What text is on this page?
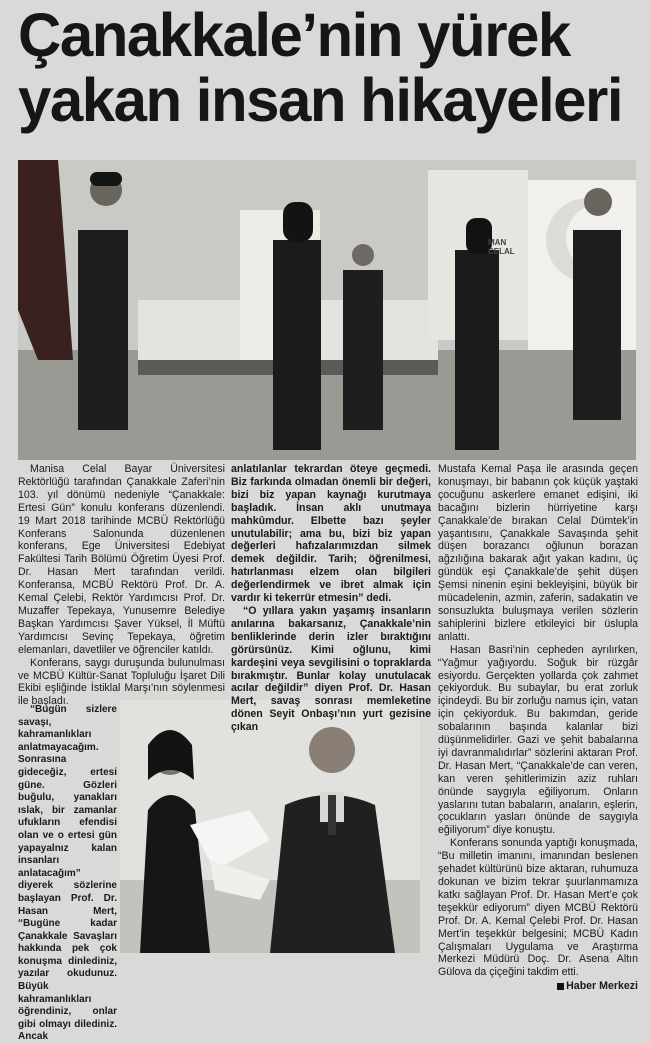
Çanakkale’nin yürek yakan insan hikayeleri
MAN
CELAL

Manisa Celal Bayar Üniversitesi Rektörlüğü tarafından Çanakkale Zaferi’nin 103. yıl dönümü nedeniyle “Çanakkale: Ertesi Gün” konulu konferans düzenlendi. 19 Mart 2018 tarihinde MCBÜ Rektörlüğü Konferans Salonunda düzenlenen konferans, Ege Üniversitesi Edebiyat Fakültesi Tarih Bölümü Öğretim Üyesi Prof. Dr. Hasan Mert tarafından verildi. Konferansa, MCBÜ Rektörü Prof. Dr. A. Kemal Çelebi, Rektör Yardımcısı Prof. Dr. Muzaffer Tepekaya, Yunusemre Belediye Başkan Yardımcısı Şaver Yüksel, İl Müftü Yardımcısı Sevinç Tepekaya, öğretim elemanları, davetliler ve öğrenciler katıldı.

Konferans, saygı duruşunda bulunulması ve MCBÜ Kültür-Sanat Topluluğu İşaret Dili Ekibi eşliğinde İstiklal Marşı’nın söylenmesi ile başladı.

“Bugün sizlere savaşı, kahramanlıkları anlatmayacağım. Sonrasına gideceğiz, ertesi güne. Gözleri buğulu, yanakları ıslak, bir zamanlar ufukların efendisi olan ve o ertesi gün yapayalnız kalan insanları anlatacağım” diyerek sözlerine başlayan Prof. Dr. Hasan Mert, “Bugüne kadar Çanakkale Savaşları hakkında pek çok konuşma dinlediniz, yazılar okudunuz. Büyük kahramanlıkları öğrendiniz, onlar gibi olmayı dilediniz. Ancak

anlatılanlar tekrardan öteye geçmedi. Biz farkında olmadan önemli bir değeri, bizi biz yapan kaynağı kurutmaya başladık. İnsan aklı unutmaya mahkûmdur. Elbette bazı şeyler unutulabilir; ama bu, bizi biz yapan değerleri hafızalarımızdan silmek demek değildir. Tarih; öğrenilmesi, hatırlanması elzem olan bilgileri değerlendirmek ve ibret almak için vardır ki tekerrür etmesin” dedi.

“O yıllara yakın yaşamış insanların anılarına bakarsanız, Çanakkale’nin benliklerinde derin izler bıraktığını görürsünüz. Kimi oğlunu, kimi kardeşini veya sevgilisini o topraklarda bırakmıştır. Bunlar kolay unutulacak acılar değildir” diyen Prof. Dr. Hasan Mert, savaş sonrası memleketine dönen Seyit Onbaşı’nın yurt gezisine çıkan

Mustafa Kemal Paşa ile arasında geçen konuşmayı, bir babanın çok küçük yaştaki çocuğunu askerlere emanet edişini, iki bacağını bizlerin hürriyetine karşı Çanakkale’de bırakan Celal Dümtek’in yaşantısını, Çanakkale Savaşında şehit düşen borazancı oğlunun borazan ağzılığına bakarak ağıt yakan kadını, üç gündük eşi Çanakkale’de şehit düşen Şemsi ninenin eşini bekleyişini, büyük bir mücadelenin, azmin, zaferin, sadakatin ve sonsuzlukta buluşmaya verilen sözlerin sahiplerini bizlere etkileyici bir üslupla anlattı.

Hasan Basri’nin cepheden ayrılırken, “Yağmur yağıyordu. Soğuk bir rüzgâr esiyordu. Gerçekten yollarda çok zahmet çekiyorduk. Bu subaylar, bu erat zorluk içindeydi. Bu bir zorluğu namus için, vatan için çekiyorduk. Bu bakımdan, geride sobalarının başında kalanlar bizi düşünmelidirler. Gazi ve şehit babalarına iyi davranmalıdırlar” sözlerini aktaran Prof. Dr. Hasan Mert, “Çanakkale’de can veren, kan veren şehitlerimizin aziz ruhları önünde saygıyla eğiliyorum. Onların yaslarını tutan babaların, anaların, eşlerin, çocukların yasları önünde de saygıyla eğiliyorum” diye konuştu.

Konferans sonunda yaptığı konuşmada, “Bu milletin imanını, imanından beslenen şehadet kültürünü bize aktaran, ruhumuza dokunan ve bizim tekrar şuurlanmamıza katkı sağlayan Prof. Dr. Hasan Mert’e çok teşekkür ediyorum” diyen MCBÜ Rektörü Prof. Dr. A. Kemal Çelebi Prof. Dr. Hasan Mert’in teşekkür belgesini; MCBÜ Kadın Çalışmaları Uygulama ve Araştırma Merkezi Müdürü Doç. Dr. Asena Altın Gülova da çiçeğini takdim etti.

Haber Merkezi
